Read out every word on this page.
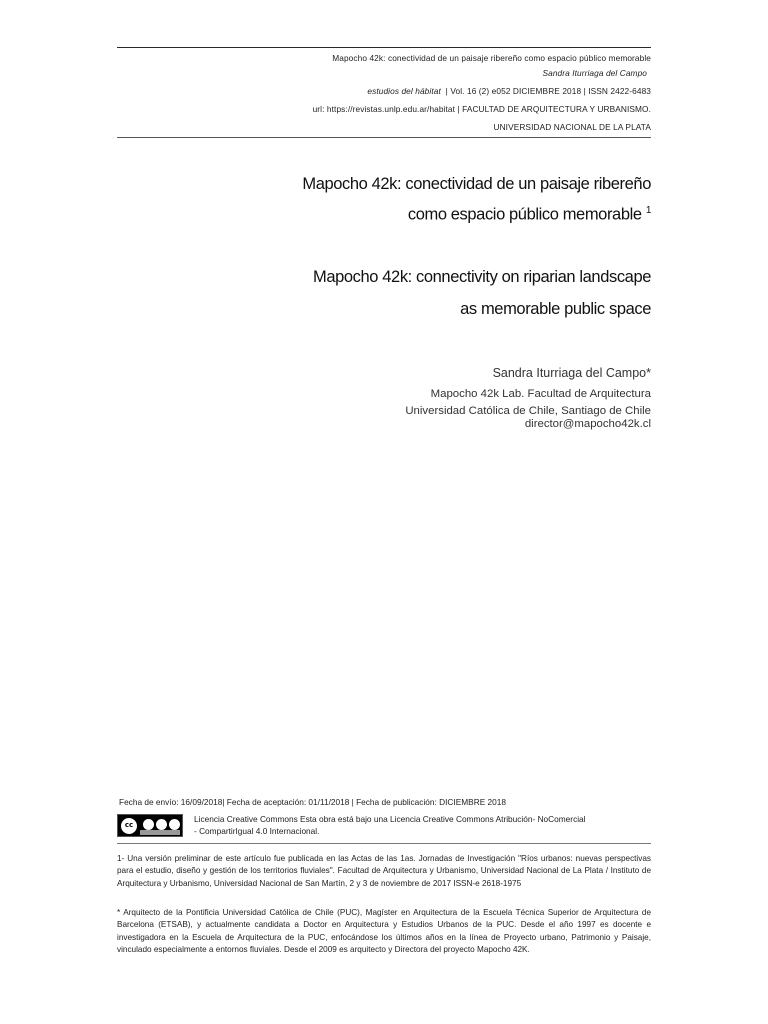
Mapocho 42k: conectividad de un paisaje ribereño como espacio público memorable
Sandra Iturriaga del Campo
estudios del hábitat | Vol. 16 (2) e052 DICIEMBRE 2018 | ISSN 2422-6483
url: https://revistas.unlp.edu.ar/habitat | FACULTAD DE ARQUITECTURA Y URBANISMO.
UNIVERSIDAD NACIONAL DE LA PLATA
Mapocho 42k: conectividad de un paisaje ribereño
como espacio público memorable $^1$
Mapocho 42k: connectivity on riparian landscape
as memorable public space
Sandra Iturriaga del Campo*
Mapocho 42k Lab. Facultad de Arquitectura
Universidad Católica de Chile, Santiago de Chile
director@mapocho42k.cl
Fecha de envío: 16/09/2018| Fecha de aceptación: 01/11/2018 | Fecha de publicación: DICIEMBRE 2018
cc
Licencia Creative Commons Esta obra está bajo una Licencia Creative Commons Atribución- NoComercial
- CompartirIgual 4.0 Internacional.
1- Una versión preliminar de este artículo fue publicada en las Actas de las 1as. Jornadas de Investigación "Ríos urbanos: nuevas perspectivas para el estudio, diseño y gestión de los territorios fluviales". Facultad de Arquitectura y Urbanismo, Universidad Nacional de La Plata / Instituto de Arquitectura y Urbanismo, Universidad Nacional de San Martín, 2 y 3 de noviembre de 2017 ISSN-e 2618-1975
* Arquitecto de la Pontificia Universidad Católica de Chile (PUC), Magíster en Arquitectura de la Escuela Técnica Superior de Arquitectura de Barcelona (ETSAB), y actualmente candidata a Doctor en Arquitectura y Estudios Urbanos de la PUC. Desde el año 1997 es docente e investigadora en la Escuela de Arquitectura de la PUC, enfocándose los últimos años en la línea de Proyecto urbano, Patrimonio y Paisaje, vinculado especialmente a entornos fluviales. Desde el 2009 es arquitecto y Directora del proyecto Mapocho 42K.
